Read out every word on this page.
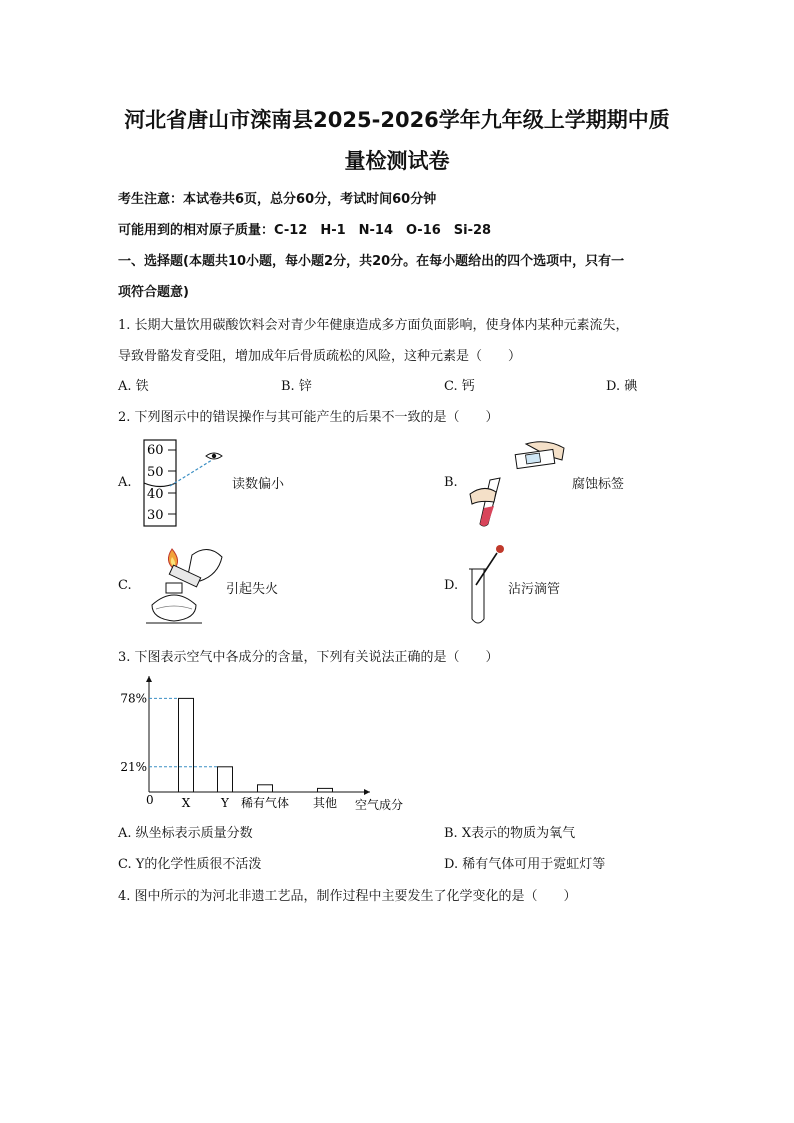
河北省唐山市滦南县2025-2026学年九年级上学期期中质
量检测试卷
考生注意：本试卷共6页，总分60分，考试时间60分钟
可能用到的相对原子质量：C-12　H-1　N-14　O-16　Si-28
一、选择题(本题共10小题，每小题2分，共20分。在每小题给出的四个选项中，只有一
项符合题意)
1. 长期大量饮用碳酸饮料会对青少年健康造成多方面负面影响，使身体内某种元素流失，
导致骨骼发育受阻，增加成年后骨质疏松的风险，这种元素是（　　）
A. 铁	B. 锌	C. 钙	D. 碘
2. 下列图示中的错误操作与其可能产生的后果不一致的是（　　）
A.
60
50
40
30
读数偏小	B.	腐蚀标签
C.	引起失火	D.	沾污滴管
3. 下图表示空气中各成分的含量，下列有关说法正确的是（　　）
0
78%
21%
X	Y 稀有气体 其他 空气成分
A. 纵坐标表示质量分数	B. X表示的物质为氧气
C. Y的化学性质很不活泼	D. 稀有气体可用于霓虹灯等
4. 图中所示的为河北非遗工艺品，制作过程中主要发生了化学变化的是（　　）
